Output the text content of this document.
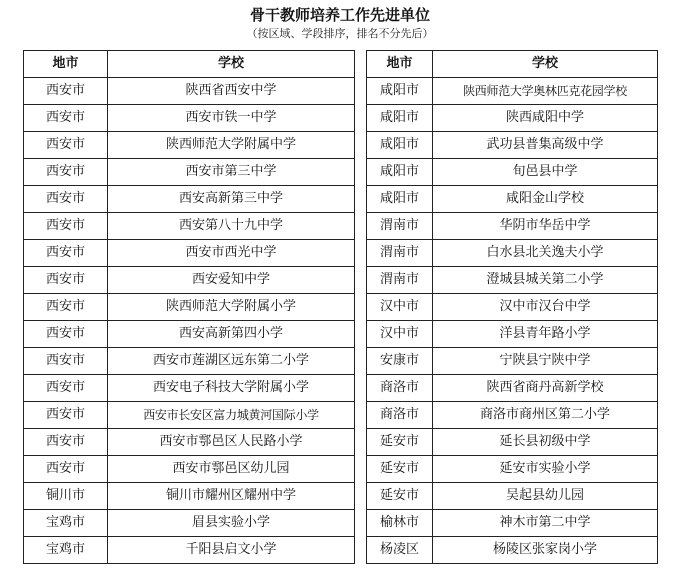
骨干教师培养工作先进单位
（按区域、学段排序，排名不分先后）
地市	学校
西安市	陕西省西安中学
西安市	西安市铁一中学
西安市	陕西师范大学附属中学
西安市	西安市第三中学
西安市	西安高新第三中学
西安市	西安第八十九中学
西安市	西安市西光中学
西安市	西安爱知中学
西安市	陕西师范大学附属小学
西安市	西安高新第四小学
西安市	西安市莲湖区远东第二小学
西安市	西安电子科技大学附属小学
西安市	西安市长安区富力城黄河国际小学
西安市	西安市鄠邑区人民路小学
西安市	西安市鄠邑区幼儿园
铜川市	铜川市耀州区耀州中学
宝鸡市	眉县实验小学
宝鸡市	千阳县启文小学
地市	学校
咸阳市	陕西师范大学奥林匹克花园学校
咸阳市	陕西咸阳中学
咸阳市	武功县普集高级中学
咸阳市	旬邑县中学
咸阳市	咸阳金山学校
渭南市	华阴市华岳中学
渭南市	白水县北关逸夫小学
渭南市	澄城县城关第二小学
汉中市	汉中市汉台中学
汉中市	洋县青年路小学
安康市	宁陕县宁陕中学
商洛市	陕西省商丹高新学校
商洛市	商洛市商州区第二小学
延安市	延长县初级中学
延安市	延安市实验小学
延安市	吴起县幼儿园
榆林市	神木市第二中学
杨凌区	杨陵区张家岗小学
